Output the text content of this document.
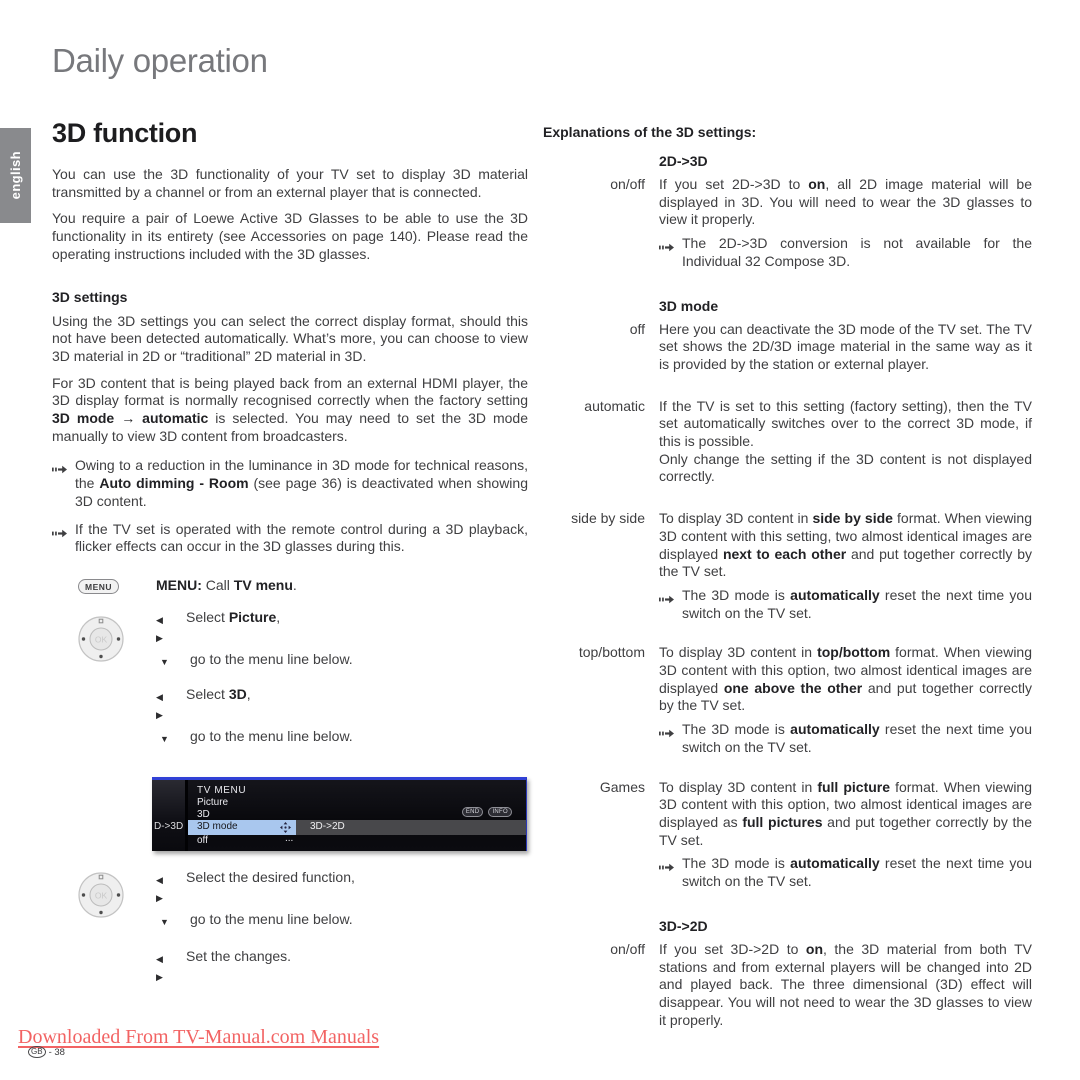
Daily operation
english
3D function

You can use the 3D functionality of your TV set to display 3D material transmitted by a channel or from an external player that is connected.

You require a pair of Loewe Active 3D Glasses to be able to use the 3D functionality in its entirety (see Accessories on page 140). Please read the operating instructions included with the 3D glasses.

3D settings

Using the 3D settings you can select the correct display format, should this not have been detected automatically. What’s more, you can choose to view 3D material in 2D or “traditional” 2D material in 3D.

For 3D content that is being played back from an external HDMI player, the 3D display format is normally recognised correctly when the factory setting 3D mode → automatic is selected. You may need to set the 3D mode manually to view 3D content from broadcasters.

Owing to a reduction in the luminance in 3D mode for technical reasons, the Auto dimming - Room (see page 36) is deactivated when showing 3D content.

If the TV set is operated with the remote control during a 3D playback, flicker effects can occur in the 3D glasses during this.

MENU	MENU: Call TV menu.

OK
◀ ▶
Select Picture,
▼	go to the menu line below.
◀ ▶
Select 3D,
▼	go to the menu line below.
TV MENU
Picture
3D
D->3D 3D mode	3D->2D
off	...
END	INFO
OK
◀ ▶
Select the desired function,
▼	go to the menu line below.
◀ ▶
Set the changes.
Explanations of the 3D settings:
2D->3D
on/off If you set 2D->3D to on, all 2D image material will be displayed in 3D. You will need to wear the 3D glasses to view it properly.

The 2D->3D conversion is not available for the Individual 32 Compose 3D.

3D mode
off Here you can deactivate the 3D mode of the TV set. The TV set shows the 2D/3D image material in the same way as it is provided by the station or external player.

automatic If the TV is set to this setting (factory setting), then the TV set automatically switches over to the correct 3D mode, if this is possible.

Only change the setting if the 3D content is not displayed correctly.

side by side To display 3D content in side by side format. When viewing 3D content with this setting, two almost identical images are displayed next to each other and put together correctly by the TV set.

The 3D mode is automatically reset the next time you switch on the TV set.

top/bottom To display 3D content in top/bottom format. When viewing 3D content with this option, two almost identical images are displayed one above the other and put together correctly by the TV set.

The 3D mode is automatically reset the next time you switch on the TV set.

Games To display 3D content in full picture format. When viewing 3D content with this option, two almost identical images are displayed as full pictures and put together correctly by the TV set.

The 3D mode is automatically reset the next time you switch on the TV set.

3D->2D
on/off If you set 3D->2D to on, the 3D material from both TV stations and from external players will be changed into 2D and played back. The three dimensional (3D) effect will disappear. You will not need to wear the 3D glasses to view it properly.

Downloaded From TV-Manual.com Manuals
GB - 38
